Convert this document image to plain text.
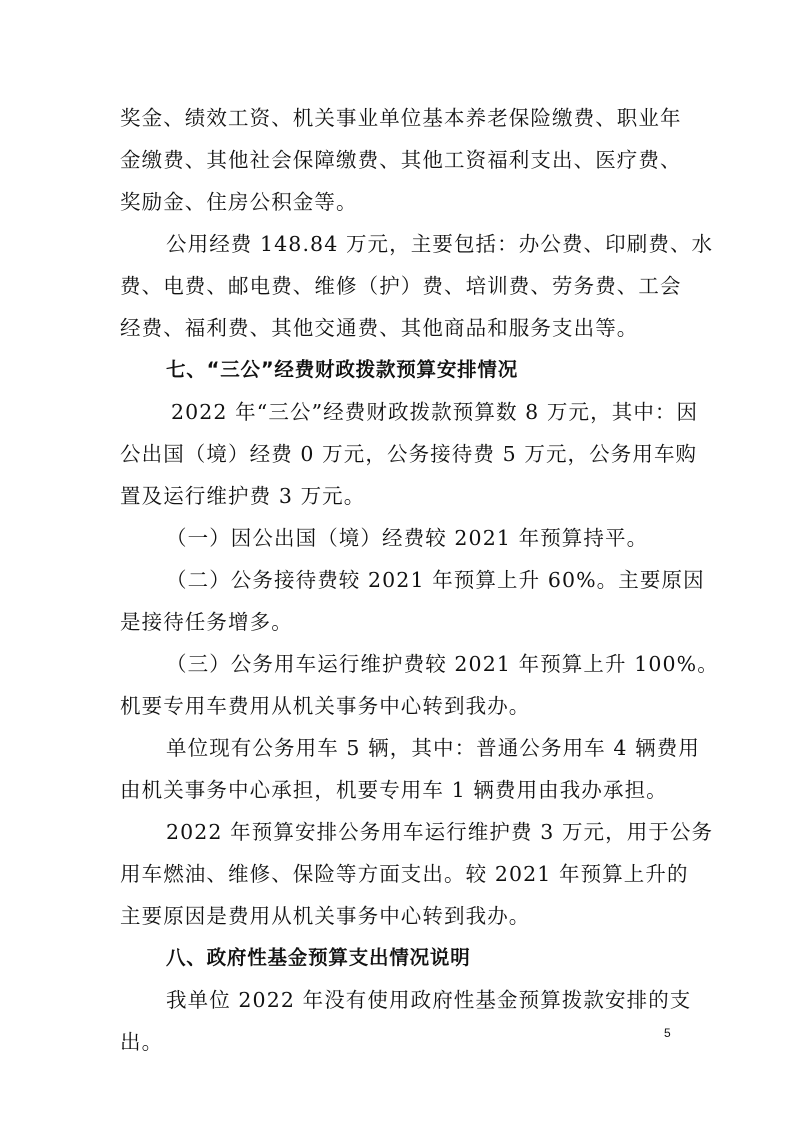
奖金、绩效工资、机关事业单位基本养老保险缴费、职业年
金缴费、其他社会保障缴费、其他工资福利支出、医疗费、
奖励金、住房公积金等。
公用经费 148.84 万元，主要包括：办公费、印刷费、水
费、电费、邮电费、维修（护）费、培训费、劳务费、工会
经费、福利费、其他交通费、其他商品和服务支出等。
七、“三公”经费财政拨款预算安排情况
2022 年“三公”经费财政拨款预算数 8 万元，其中：因
公出国（境）经费 0 万元，公务接待费 5 万元，公务用车购
置及运行维护费 3 万元。
（一）因公出国（境）经费较 2021 年预算持平。
（二）公务接待费较 2021 年预算上升 60%。主要原因
是接待任务增多。
（三）公务用车运行维护费较 2021 年预算上升 100%。
机要专用车费用从机关事务中心转到我办。
单位现有公务用车 5 辆，其中：普通公务用车 4 辆费用
由机关事务中心承担，机要专用车 1 辆费用由我办承担。
2022 年预算安排公务用车运行维护费 3 万元，用于公务
用车燃油、维修、保险等方面支出。较 2021 年预算上升的
主要原因是费用从机关事务中心转到我办。
八、政府性基金预算支出情况说明
我单位 2022 年没有使用政府性基金预算拨款安排的支
出。	5
